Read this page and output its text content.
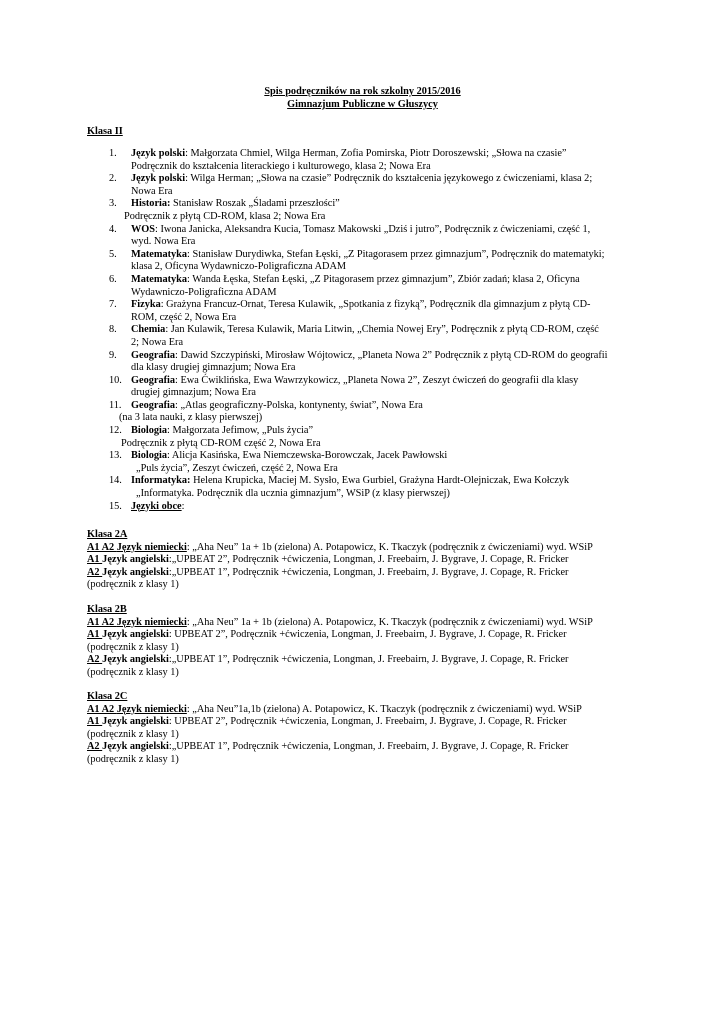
Spis podręczników na rok szkolny 2015/2016
Gimnazjum Publiczne w Głuszycy
Klasa II
1.	Język polski: Małgorzata Chmiel, Wilga Herman, Zofia Pomirska, Piotr Doroszewski; „Słowa na czasie”
Podręcznik do kształcenia literackiego i kulturowego, klasa 2; Nowa Era
2.	Język polski: Wilga Herman; „Słowa na czasie” Podręcznik do kształcenia językowego z ćwiczeniami, klasa 2;
Nowa Era
3.	Historia: Stanisław Roszak „Śladami przeszłości”
Podręcznik z płytą CD-ROM, klasa 2; Nowa Era
4.	WOS: Iwona Janicka, Aleksandra Kucia, Tomasz Makowski „Dziś i jutro”, Podręcznik z ćwiczeniami, część 1,
wyd. Nowa Era
5.	Matematyka: Stanisław Durydiwka, Stefan Łęski, „Z Pitagorasem przez gimnazjum”, Podręcznik do matematyki;
klasa 2, Oficyna Wydawniczo-Poligraficzna ADAM
6.	Matematyka: Wanda Łęska, Stefan Łęski, „Z Pitagorasem przez gimnazjum”, Zbiór zadań; klasa 2, Oficyna
Wydawniczo-Poligraficzna ADAM
7.	Fizyka: Grażyna Francuz-Ornat, Teresa Kulawik, „Spotkania z fizyką”, Podręcznik dla gimnazjum z płytą CD-
ROM, część 2, Nowa Era
8.	Chemia: Jan Kulawik, Teresa Kulawik, Maria Litwin, „Chemia Nowej Ery”, Podręcznik z płytą CD-ROM, część
2; Nowa Era
9.	Geografia: Dawid Szczypiński, Mirosław Wójtowicz, „Planeta Nowa 2” Podręcznik z płytą CD-ROM do geografii
dla klasy drugiej gimnazjum; Nowa Era
10. Geografia: Ewa Ćwiklińska, Ewa Wawrzykowicz, „Planeta Nowa 2”, Zeszyt ćwiczeń do geografii dla klasy
drugiej gimnazjum; Nowa Era
11. Geografia: „Atlas geograficzny-Polska, kontynenty, świat”, Nowa Era
(na 3 lata nauki, z klasy pierwszej)
12. Biologia: Małgorzata Jefimow, „Puls życia”
Podręcznik z płytą CD-ROM część 2, Nowa Era
13. Biologia: Alicja Kasińska, Ewa Niemczewska-Borowczak, Jacek Pawłowski
„Puls życia”, Zeszyt ćwiczeń, część 2, Nowa Era
14. Informatyka: Helena Krupicka, Maciej M. Sysło, Ewa Gurbiel, Grażyna Hardt-Olejniczak, Ewa Kołczyk
„Informatyka. Podręcznik dla ucznia gimnazjum”, WSiP (z klasy pierwszej)
15. Języki obce:
Klasa 2A
A1 A2 Język niemiecki: „Aha Neu” 1a + 1b (zielona) A. Potapowicz, K. Tkaczyk (podręcznik z ćwiczeniami) wyd. WSiP
A1 Język angielski:„UPBEAT 2”, Podręcznik +ćwiczenia, Longman, J. Freebairn, J. Bygrave, J. Copage, R. Fricker
A2 Język angielski:„UPBEAT 1”, Podręcznik +ćwiczenia, Longman, J. Freebairn, J. Bygrave, J. Copage, R. Fricker
(podręcznik z klasy 1)
Klasa 2B
A1 A2 Język niemiecki: „Aha Neu” 1a + 1b (zielona) A. Potapowicz, K. Tkaczyk (podręcznik z ćwiczeniami) wyd. WSiP
A1 Język angielski: UPBEAT 2”, Podręcznik +ćwiczenia, Longman, J. Freebairn, J. Bygrave, J. Copage, R. Fricker
(podręcznik z klasy 1)
A2 Język angielski:„UPBEAT 1”, Podręcznik +ćwiczenia, Longman, J. Freebairn, J. Bygrave, J. Copage, R. Fricker
(podręcznik z klasy 1)
Klasa 2C
A1 A2 Język niemiecki: „Aha Neu”1a,1b (zielona) A. Potapowicz, K. Tkaczyk (podręcznik z ćwiczeniami) wyd. WSiP
A1 Język angielski: UPBEAT 2”, Podręcznik +ćwiczenia, Longman, J. Freebairn, J. Bygrave, J. Copage, R. Fricker
(podręcznik z klasy 1)
A2 Język angielski:„UPBEAT 1”, Podręcznik +ćwiczenia, Longman, J. Freebairn, J. Bygrave, J. Copage, R. Fricker
(podręcznik z klasy 1)
